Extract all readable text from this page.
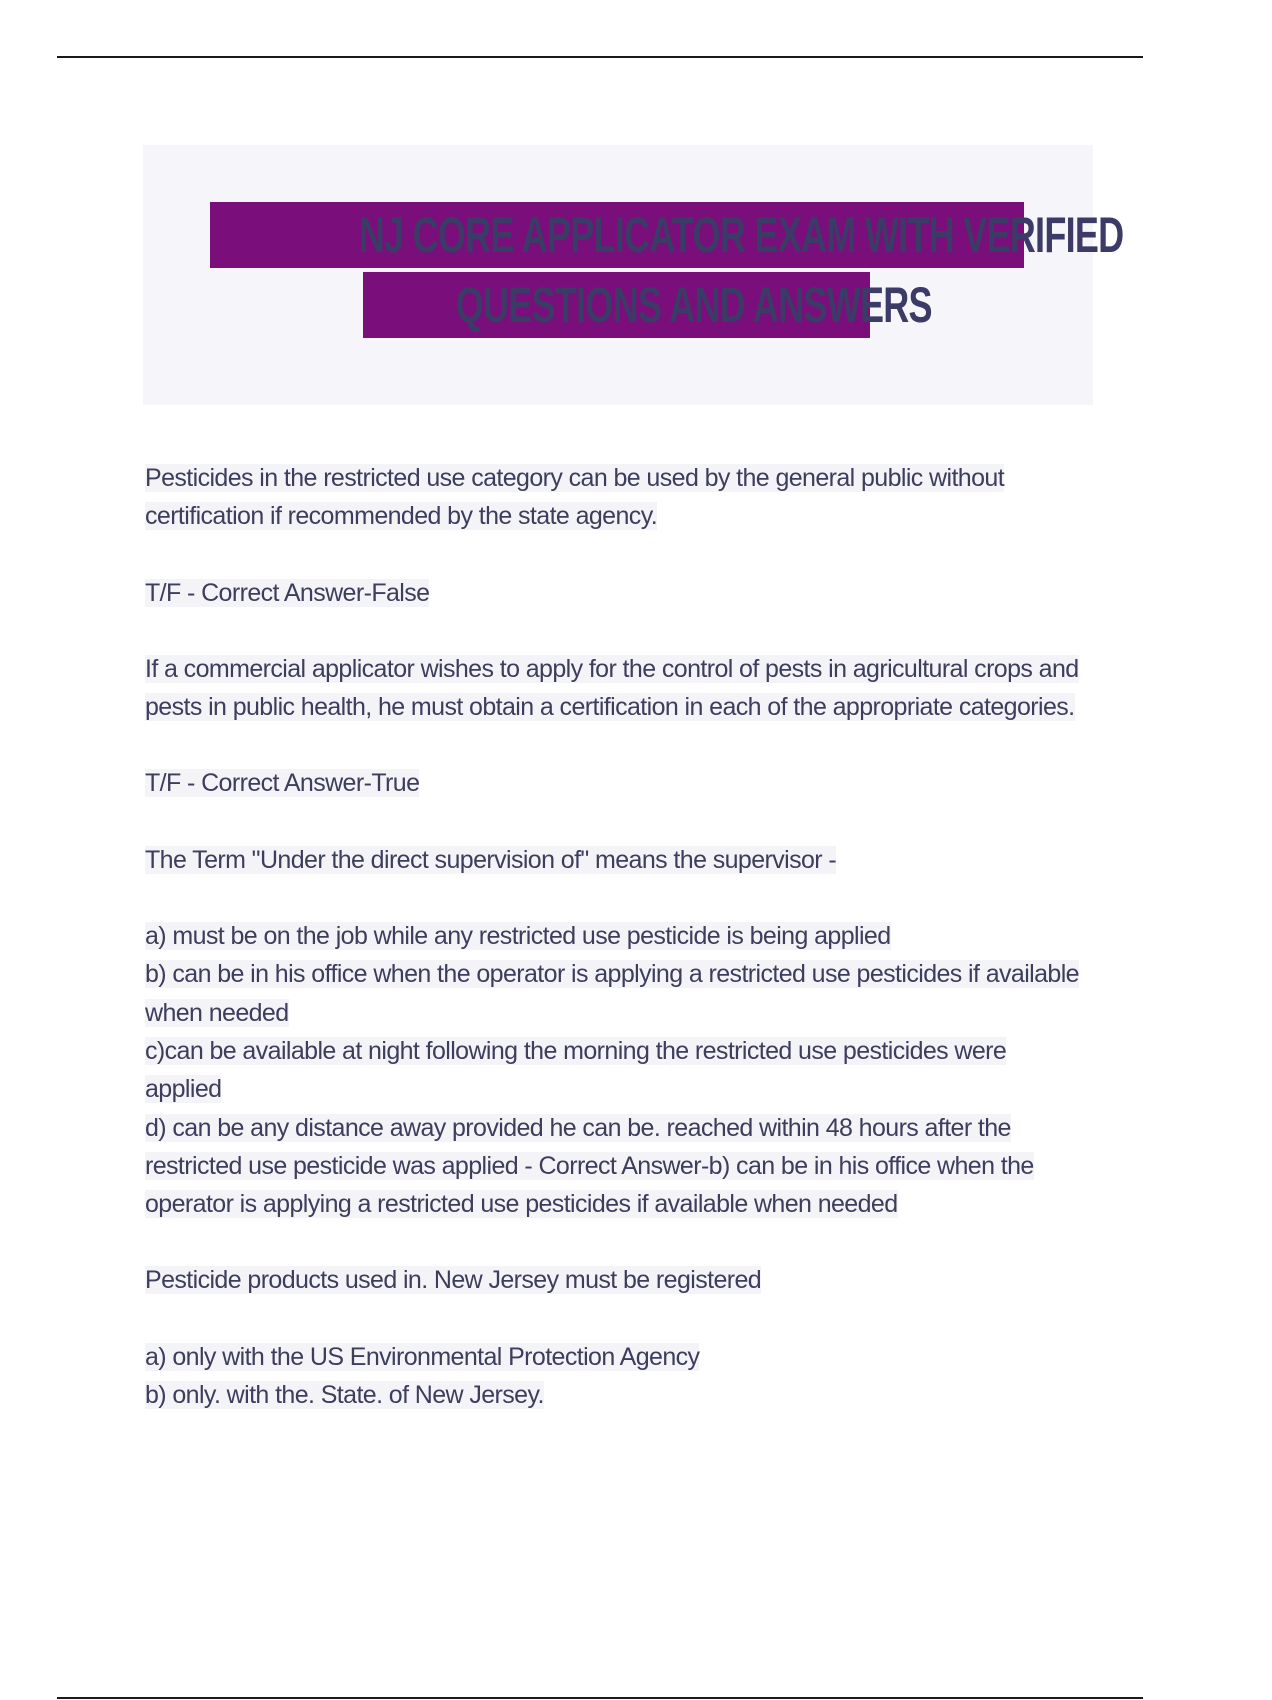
NJ CORE APPLICATOR EXAM WITH VERIFIED
QUESTIONS AND ANSWERS
Pesticides in the restricted use category can be used by the general public without
certification if recommended by the state agency.
T/F - Correct Answer-False
If a commercial applicator wishes to apply for the control of pests in agricultural crops and
pests in public health, he must obtain a certification in each of the appropriate categories.
T/F - Correct Answer-True
The Term "Under the direct supervision of" means the supervisor -
a) must be on the job while any restricted use pesticide is being applied
b) can be in his office when the operator is applying a restricted use pesticides if available
when needed
c)can be available at night following the morning the restricted use pesticides were applied
d) can be any distance away provided he can be. reached within 48 hours after the
restricted use pesticide was applied - Correct Answer-b) can be in his office when the
operator is applying a restricted use pesticides if available when needed
Pesticide products used in. New Jersey must be registered
a) only with the US Environmental Protection Agency
b) only. with the. State. of New Jersey.
